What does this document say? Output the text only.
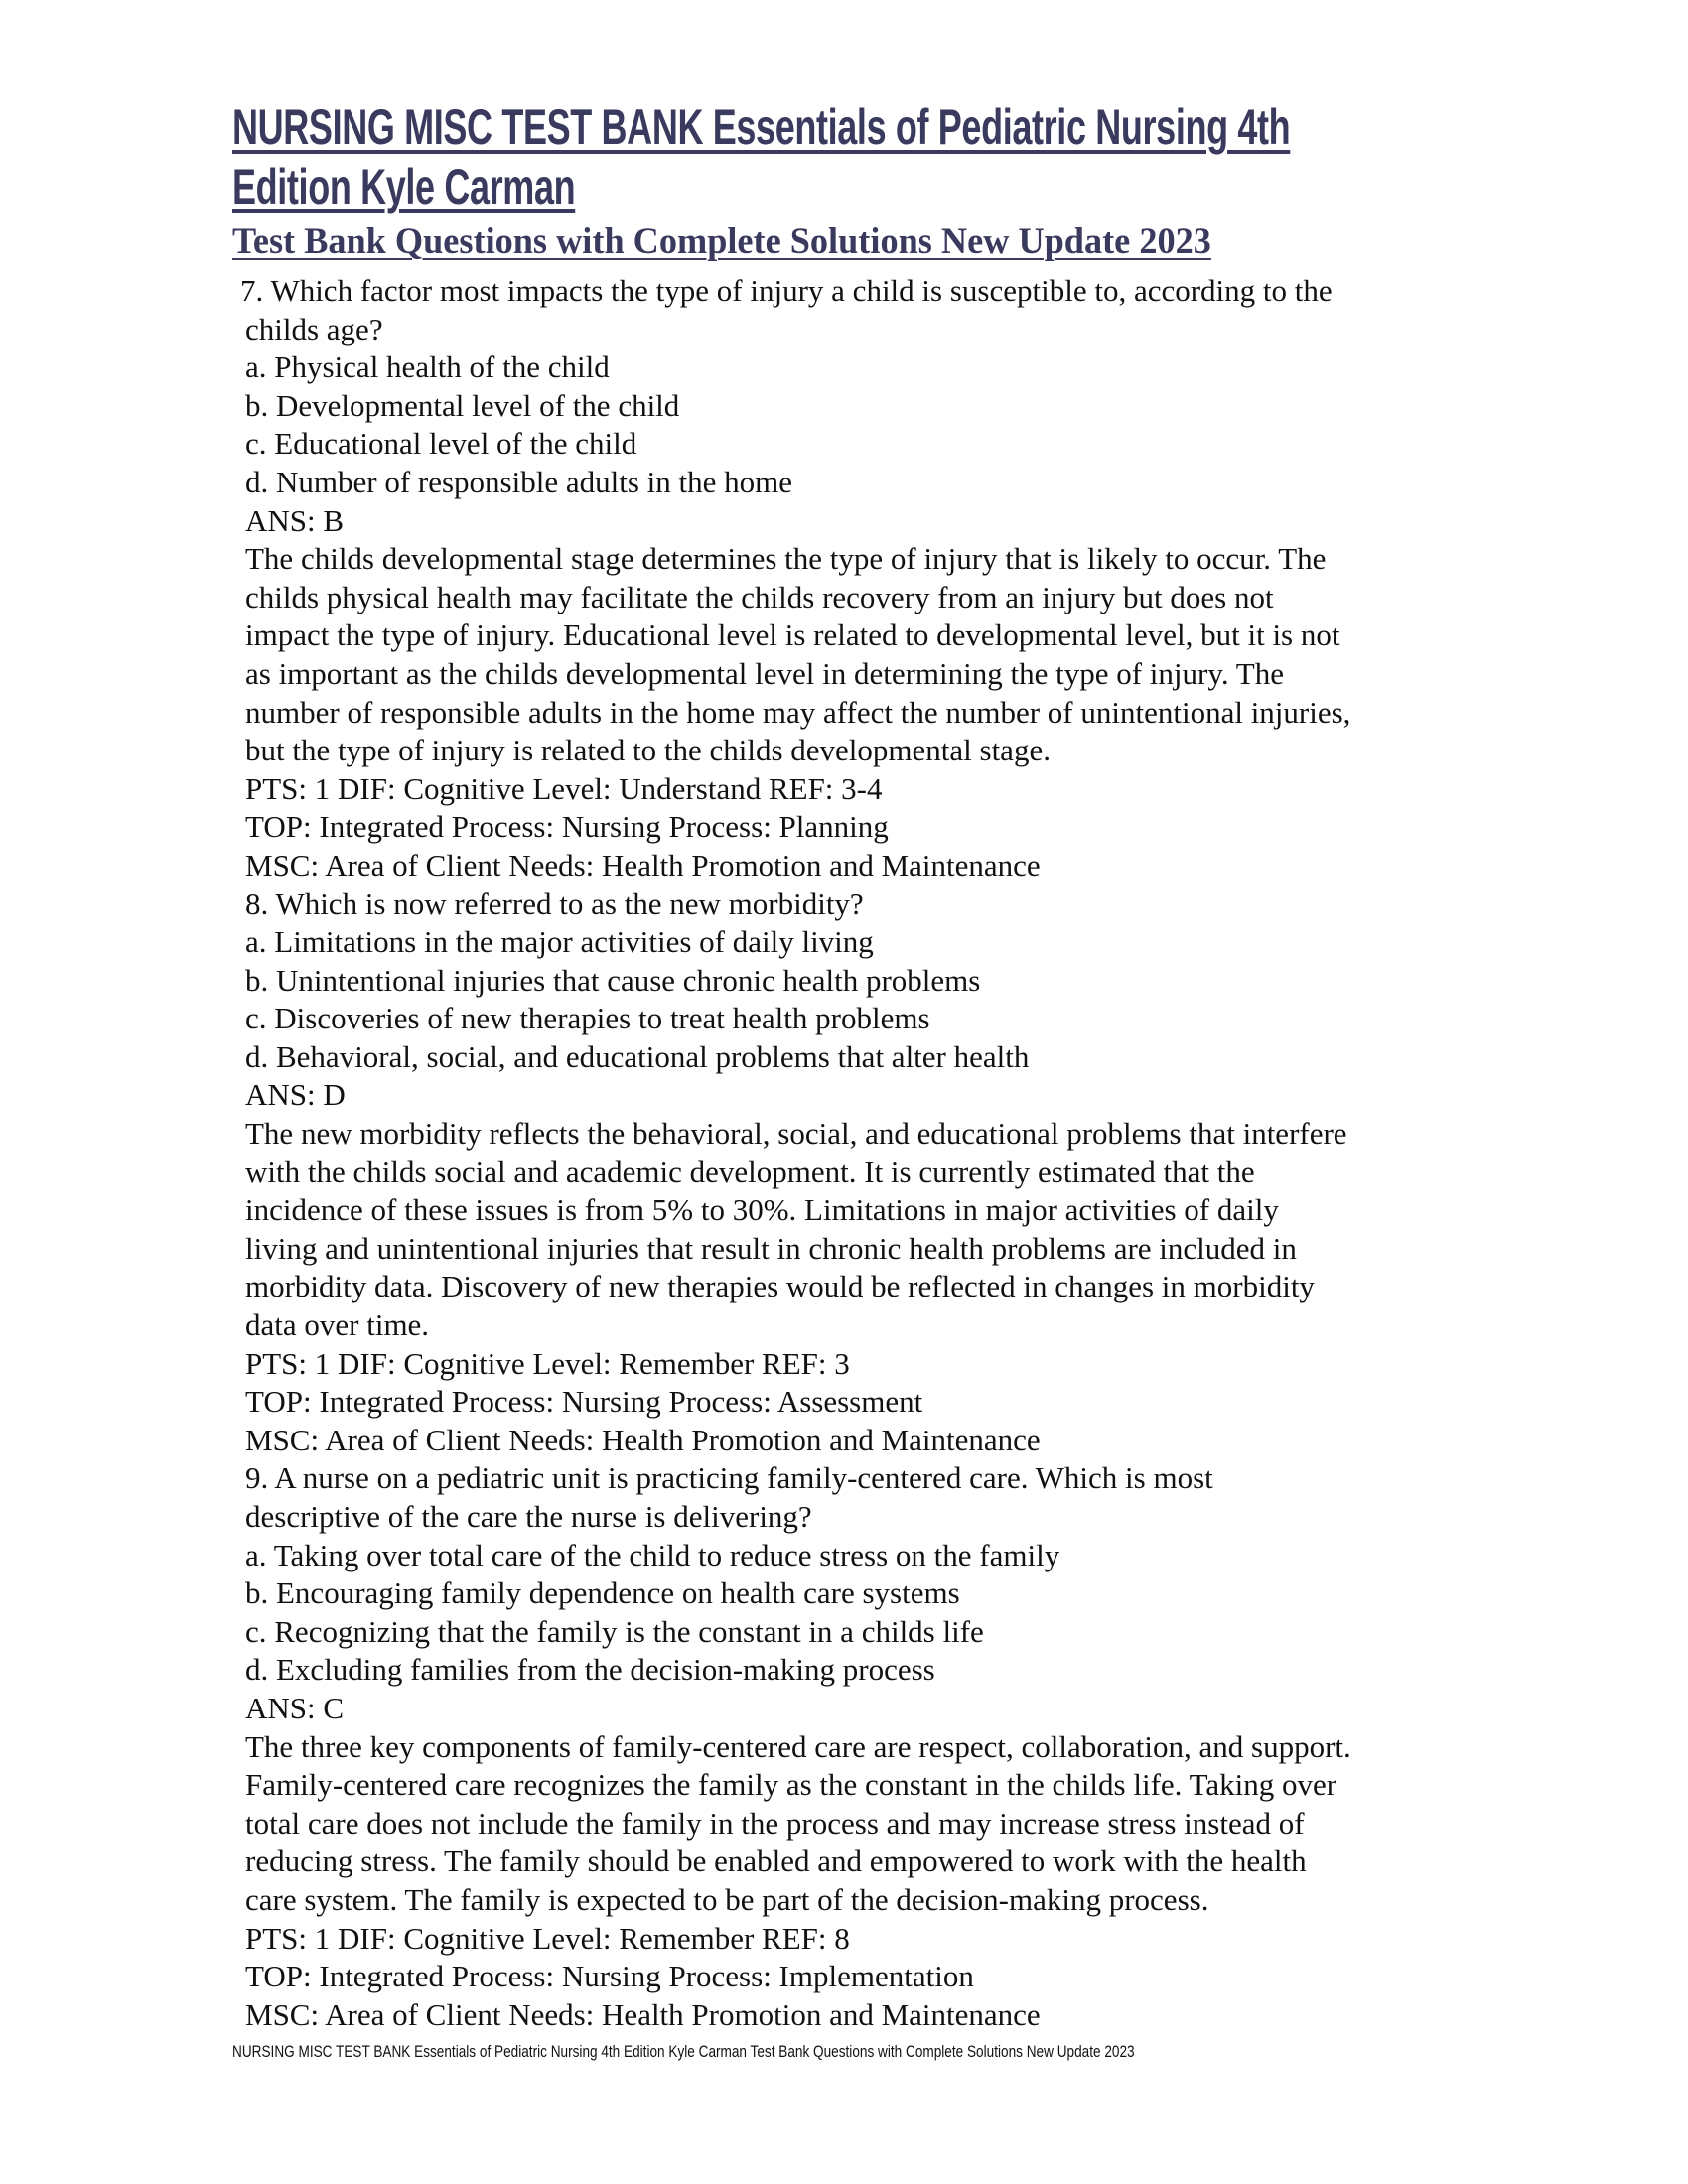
NURSING MISC TEST BANK Essentials of Pediatric Nursing 4th
Edition Kyle Carman
Test Bank Questions with Complete Solutions New Update 2023
7. Which factor most impacts the type of injury a child is susceptible to, according to the
childs age?
a. Physical health of the child
b. Developmental level of the child
c. Educational level of the child
d. Number of responsible adults in the home
ANS: B
The childs developmental stage determines the type of injury that is likely to occur. The
childs physical health may facilitate the childs recovery from an injury but does not
impact the type of injury. Educational level is related to developmental level, but it is not
as important as the childs developmental level in determining the type of injury. The
number of responsible adults in the home may affect the number of unintentional injuries,
but the type of injury is related to the childs developmental stage.
PTS: 1 DIF: Cognitive Level: Understand REF: 3-4
TOP: Integrated Process: Nursing Process: Planning
MSC: Area of Client Needs: Health Promotion and Maintenance
8. Which is now referred to as the new morbidity?
a. Limitations in the major activities of daily living
b. Unintentional injuries that cause chronic health problems
c. Discoveries of new therapies to treat health problems
d. Behavioral, social, and educational problems that alter health
ANS: D
The new morbidity reflects the behavioral, social, and educational problems that interfere
with the childs social and academic development. It is currently estimated that the
incidence of these issues is from 5% to 30%. Limitations in major activities of daily
living and unintentional injuries that result in chronic health problems are included in
morbidity data. Discovery of new therapies would be reflected in changes in morbidity
data over time.
PTS: 1 DIF: Cognitive Level: Remember REF: 3
TOP: Integrated Process: Nursing Process: Assessment
MSC: Area of Client Needs: Health Promotion and Maintenance
9. A nurse on a pediatric unit is practicing family-centered care. Which is most
descriptive of the care the nurse is delivering?
a. Taking over total care of the child to reduce stress on the family
b. Encouraging family dependence on health care systems
c. Recognizing that the family is the constant in a childs life
d. Excluding families from the decision-making process
ANS: C
The three key components of family-centered care are respect, collaboration, and support.
Family-centered care recognizes the family as the constant in the childs life. Taking over
total care does not include the family in the process and may increase stress instead of
reducing stress. The family should be enabled and empowered to work with the health
care system. The family is expected to be part of the decision-making process.
PTS: 1 DIF: Cognitive Level: Remember REF: 8
TOP: Integrated Process: Nursing Process: Implementation
MSC: Area of Client Needs: Health Promotion and Maintenance
NURSING MISC TEST BANK Essentials of Pediatric Nursing 4th Edition Kyle Carman Test Bank Questions with Complete Solutions New Update 2023
